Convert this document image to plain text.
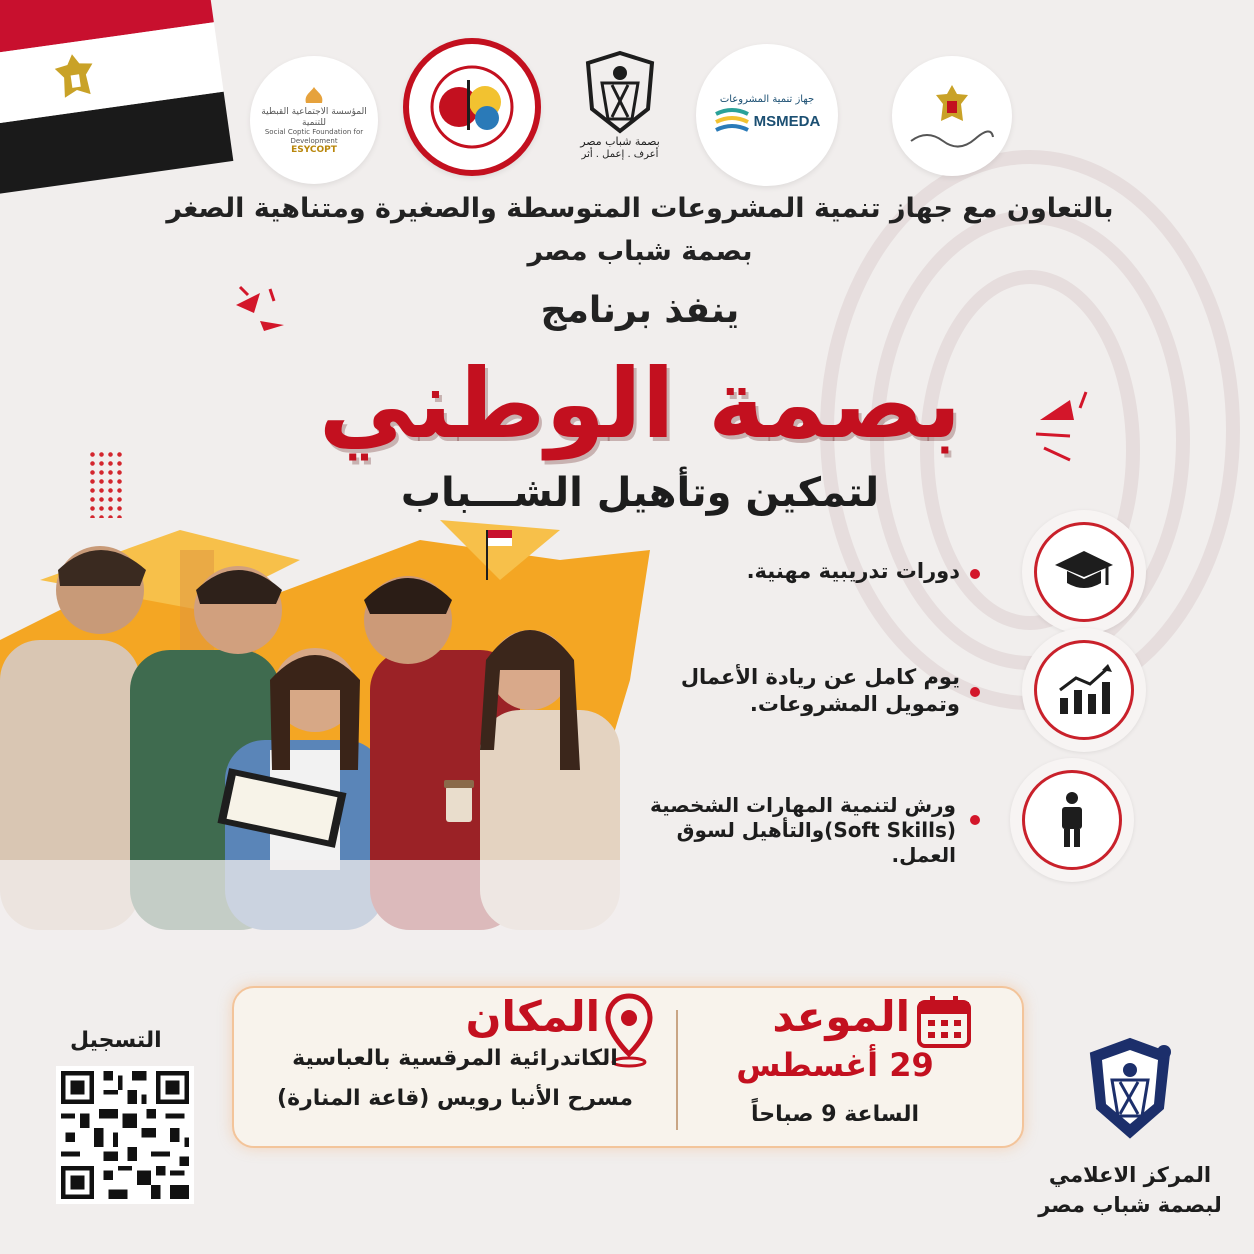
المؤسسة الاجتماعية القبطية للتنمية
Social Coptic Foundation for Development
ESYCOPT
بصمة شباب مصر
أعرف . إعمل . أثر
جهاز تنمية المشروعات
MSMEDA
بالتعاون مع جهاز تنمية المشروعات المتوسطة والصغيرة ومتناهية الصغر
بصمة شباب مصر
ينفذ برنامج
بصمة الوطني
لتمكين وتأهيل الشـــباب
دورات تدريبية مهنية.
يوم كامل عن ريادة الأعمال
وتمويل المشروعات.
ورش لتنمية المهارات الشخصية
(Soft Skills)والتأهيل لسوق
العمل.
الموعد
29 أغسطس
الساعة 9 صباحاً
المكان
الكاتدرائية المرقسية بالعباسية
مسرح الأنبا رويس (قاعة المنارة)
التسجيل
المركز الاعلامي
لبصمة شباب مصر
